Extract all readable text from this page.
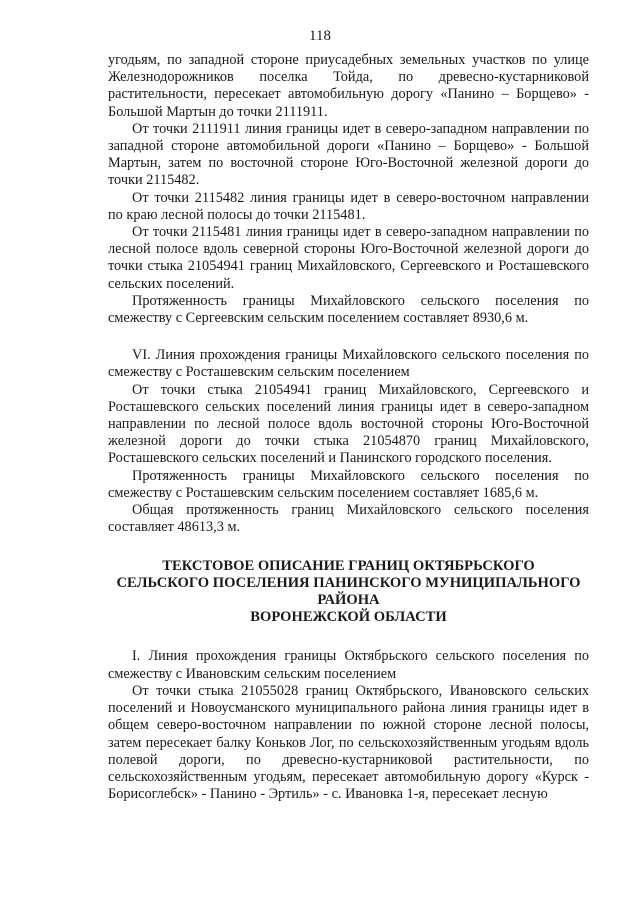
118

угодьям, по западной стороне приусадебных земельных участков по улице Железнодорожников поселка Тойда, по древесно-кустарниковой растительности, пересекает автомобильную дорогу «Панино – Борщево» - Большой Мартын до точки 2111911.

От точки 2111911 линия границы идет в северо-западном направлении по западной стороне автомобильной дороги «Панино – Борщево» - Большой Мартын, затем по восточной стороне Юго-Восточной железной дороги до точки 2115482.

От точки 2115482 линия границы идет в северо-восточном направлении по краю лесной полосы до точки 2115481.

От точки 2115481 линия границы идет в северо-западном направлении по лесной полосе вдоль северной стороны Юго-Восточной железной дороги до точки стыка 21054941 границ Михайловского, Сергеевского и Росташевского сельских поселений.

Протяженность границы Михайловского сельского поселения по смежеству с Сергеевским сельским поселением составляет 8930,6 м.

VI. Линия прохождения границы Михайловского сельского поселения по смежеству с Росташевским сельским поселением

От точки стыка 21054941 границ Михайловского, Сергеевского и Росташевского сельских поселений линия границы идет в северо-западном направлении по лесной полосе вдоль восточной стороны Юго-Восточной железной дороги до точки стыка 21054870 границ Михайловского, Росташевского сельских поселений и Панинского городского поселения.

Протяженность границы Михайловского сельского поселения по смежеству с Росташевским сельским поселением составляет 1685,6 м.

Общая протяженность границ Михайловского сельского поселения составляет 48613,3 м.

ТЕКСТОВОЕ ОПИСАНИЕ ГРАНИЦ ОКТЯБРЬСКОГО
СЕЛЬСКОГО ПОСЕЛЕНИЯ ПАНИНСКОГО МУНИЦИПАЛЬНОГО
РАЙОНА
ВОРОНЕЖСКОЙ ОБЛАСТИ

I. Линия прохождения границы Октябрьского сельского поселения по смежеству с Ивановским сельским поселением

От точки стыка 21055028 границ Октябрьского, Ивановского сельских поселений и Новоусманского муниципального района линия границы идет в общем северо-восточном направлении по южной стороне лесной полосы, затем пересекает балку Коньков Лог, по сельскохозяйственным угодьям вдоль полевой дороги, по древесно-кустарниковой растительности, по сельскохозяйственным угодьям, пересекает автомобильную дорогу «Курск - Борисоглебск» - Панино - Эртиль» - с. Ивановка 1-я, пересекает лесную
